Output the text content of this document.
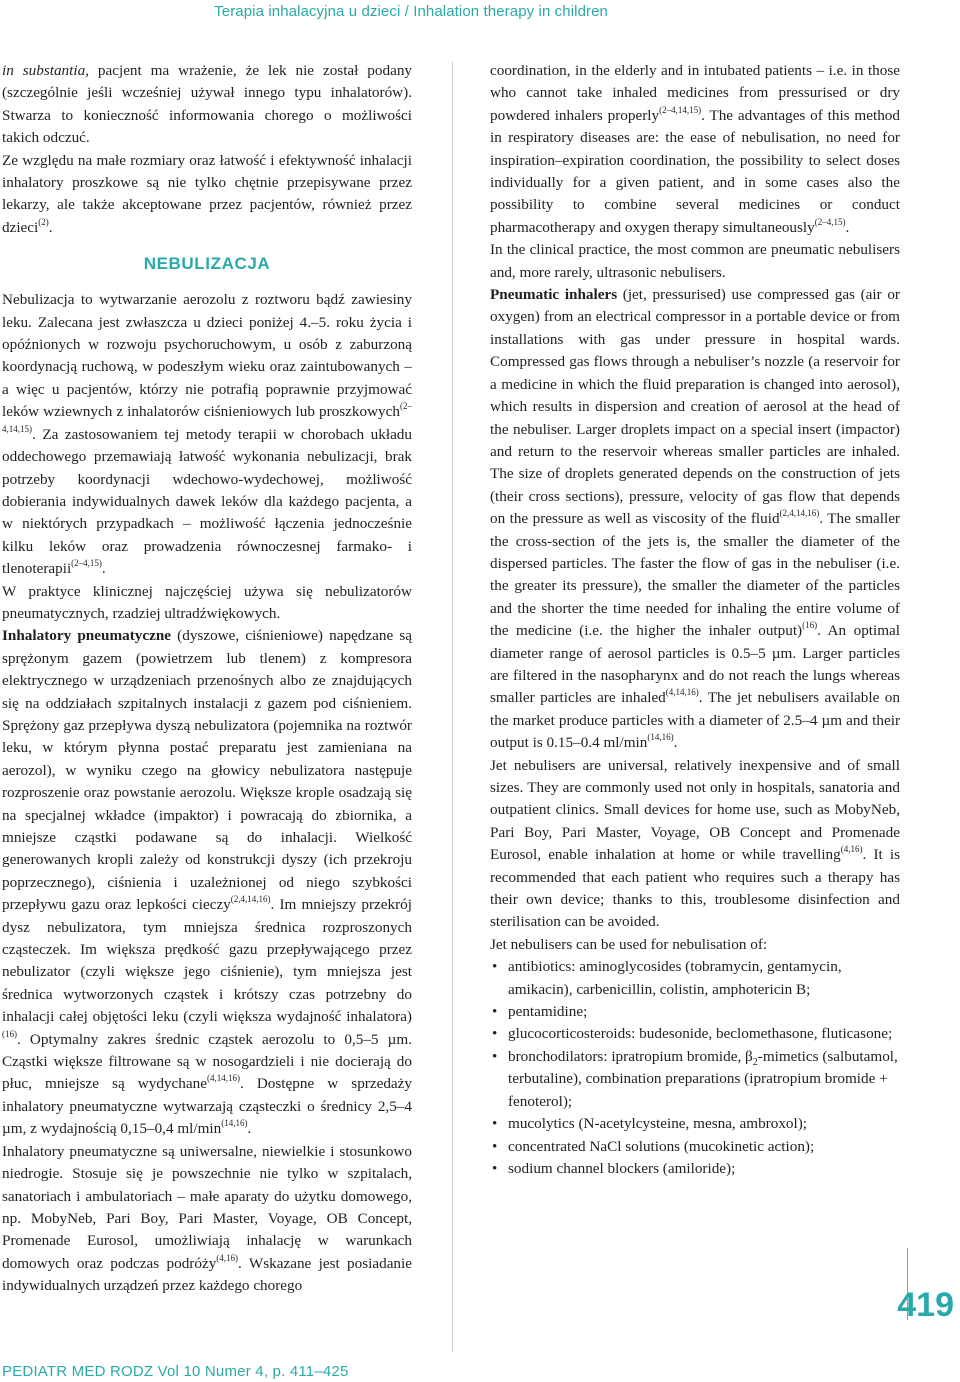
Terapia inhalacyjna u dzieci / Inhalation therapy in children

in substantia, pacjent ma wrażenie, że lek nie został podany (szczególnie jeśli wcześniej używał innego typu inhalatorów). Stwarza to konieczność informowania chorego o możliwości takich odczuć.

Ze względu na małe rozmiary oraz łatwość i efektywność inhalacji inhalatory proszkowe są nie tylko chętnie przepisywane przez lekarzy, ale także akceptowane przez pacjentów, również przez dzieci$^{(2)}$.

NEBULIZACJA

Nebulizacja to wytwarzanie aerozolu z roztworu bądź zawiesiny leku. Zalecana jest zwłaszcza u dzieci poniżej 4.–5. roku życia i opóźnionych w rozwoju psychoruchowym, u osób z zaburzoną koordynacją ruchową, w podeszłym wieku oraz zaintubowanych – a więc u pacjentów, którzy nie potrafią poprawnie przyjmować leków wziewnych z inhalatorów ciśnieniowych lub proszkowych$^{(2-4,14,15)}$. Za zastosowaniem tej metody terapii w chorobach układu oddechowego przemawiają łatwość wykonania nebulizacji, brak potrzeby koordynacji wdechowo-wydechowej, możliwość dobierania indywidualnych dawek leków dla każdego pacjenta, a w niektórych przypadkach – możliwość łączenia jednocześnie kilku leków oraz prowadzenia równoczesnej farmako- i tlenoterapii$^{(2-4,15)}$.

W praktyce klinicznej najczęściej używa się nebulizatorów pneumatycznych, rzadziej ultradźwiękowych.

Inhalatory pneumatyczne (dyszowe, ciśnieniowe) napędzane są sprężonym gazem (powietrzem lub tlenem) z kompresora elektrycznego w urządzeniach przenośnych albo ze znajdujących się na oddziałach szpitalnych instalacji z gazem pod ciśnieniem. Sprężony gaz przepływa dyszą nebulizatora (pojemnika na roztwór leku, w którym płynna postać preparatu jest zamieniana na aerozol), w wyniku czego na głowicy nebulizatora następuje rozproszenie oraz powstanie aerozolu. Większe krople osadzają się na specjalnej wkładce (impaktor) i powracają do zbiornika, a mniejsze cząstki podawane są do inhalacji. Wielkość generowanych kropli zależy od konstrukcji dyszy (ich przekroju poprzecznego), ciśnienia i uzależnionej od niego szybkości przepływu gazu oraz lepkości cieczy$^{(2,4,14,16)}$. Im mniejszy przekrój dysz nebulizatora, tym mniejsza średnica rozproszonych cząsteczek. Im większa prędkość gazu przepływającego przez nebulizator (czyli większe jego ciśnienie), tym mniejsza jest średnica wytworzonych cząstek i krótszy czas potrzebny do inhalacji całej objętości leku (czyli większa wydajność inhalatora)$^{(16)}$. Optymalny zakres średnic cząstek aerozolu to 0,5–5 µm. Cząstki większe filtrowane są w nosogardzieli i nie docierają do płuc, mniejsze są wydychane$^{(4,14,16)}$. Dostępne w sprzedaży inhalatory pneumatyczne wytwarzają cząsteczki o średnicy 2,5–4 µm, z wydajnością 0,15–0,4 $ml/\min^{(14,16)}$.

Inhalatory pneumatyczne są uniwersalne, niewielkie i stosunkowo niedrogie. Stosuje się je powszechnie nie tylko w szpitalach, sanatoriach i ambulatoriach – małe aparaty do użytku domowego, np. MobyNeb, Pari Boy, Pari Master, Voyage, OB Concept, Promenade Eurosol, umożliwiają inhalację w warunkach domowych oraz podczas podróży$^{(4,16)}$. Wskazane jest posiadanie indywidualnych urządzeń przez każdego chorego

coordination, in the elderly and in intubated patients – i.e. in those who cannot take inhaled medicines from pressurised or dry powdered inhalers properly$^{(2-4,14,15)}$. The advantages of this method in respiratory diseases are: the ease of nebulisation, no need for inspiration–expiration coordination, the possibility to select doses individually for a given patient, and in some cases also the possibility to combine several medicines or conduct pharmacotherapy and oxygen therapy simultaneously$^{(2-4,15)}$.

In the clinical practice, the most common are pneumatic nebulisers and, more rarely, ultrasonic nebulisers.

Pneumatic inhalers (jet, pressurised) use compressed gas (air or oxygen) from an electrical compressor in a portable device or from installations with gas under pressure in hospital wards. Compressed gas flows through a nebuliser’s nozzle (a reservoir for a medicine in which the fluid preparation is changed into aerosol), which results in dispersion and creation of aerosol at the head of the nebuliser. Larger droplets impact on a special insert (impactor) and return to the reservoir whereas smaller particles are inhaled. The size of droplets generated depends on the construction of jets (their cross sections), pressure, velocity of gas flow that depends on the pressure as well as viscosity of the fluid$^{(2,4,14,16)}$. The smaller the cross-section of the jets is, the smaller the diameter of the dispersed particles. The faster the flow of gas in the nebuliser (i.e. the greater its pressure), the smaller the diameter of the particles and the shorter the time needed for inhaling the entire volume of the medicine (i.e. the higher the inhaler output)$^{(16)}$. An optimal diameter range of aerosol particles is 0.5–5 µm. Larger particles are filtered in the nasopharynx and do not reach the lungs whereas smaller particles are inhaled$^{(4,14,16)}$. The jet nebulisers available on the market produce particles with a diameter of 2.5–4 µm and their output is 0.15–0.4 $ml/\min^{(14,16)}$.

Jet nebulisers are universal, relatively inexpensive and of small sizes. They are commonly used not only in hospitals, sanatoria and outpatient clinics. Small devices for home use, such as MobyNeb, Pari Boy, Pari Master, Voyage, OB Concept and Promenade Eurosol, enable inhalation at home or while travelling$^{(4,16)}$. It is recommended that each patient who requires such a therapy has their own device; thanks to this, troublesome disinfection and sterilisation can be avoided.

Jet nebulisers can be used for nebulisation of:

• antibiotics: aminoglycosides (tobramycin, gentamycin, amikacin), carbenicillin, colistin, amphotericin B;
• pentamidine;
• glucocorticosteroids: budesonide, beclomethasone, fluticasone;
• bronchodilators: ipratropium bromide, $\beta_2$-mimetics (salbutamol, terbutaline), combination preparations (ipratropium bromide + fenoterol);
• mucolytics (N-acetylcysteine, mesna, ambroxol);
• concentrated NaCl solutions (mucokinetic action);
• sodium channel blockers (amiloride);
419
PEDIATR MED RODZ Vol 10 Numer 4, p. 411–425
